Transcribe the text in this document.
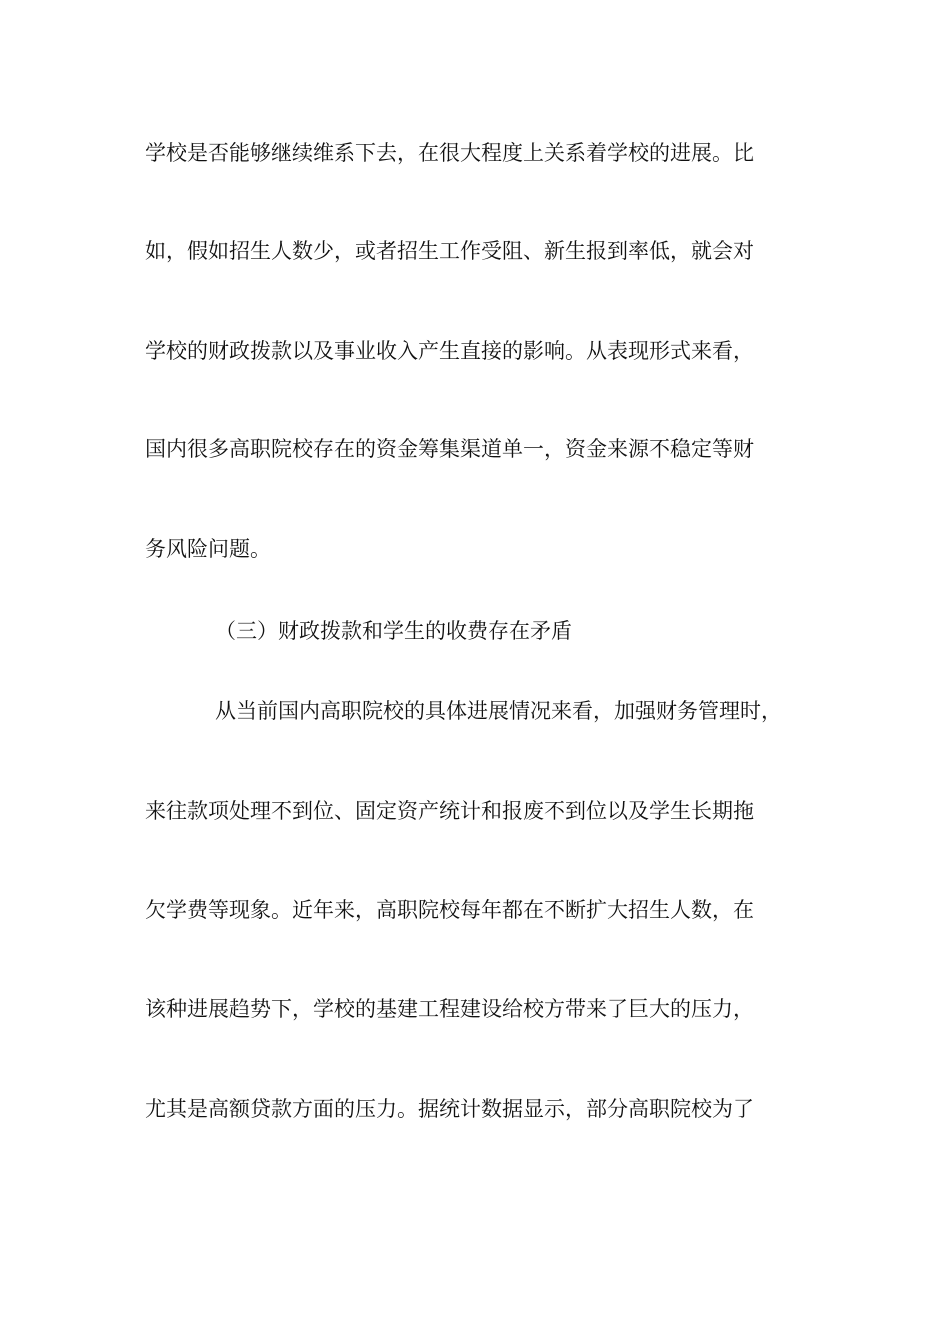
学校是否能够继续维系下去，在很大程度上关系着学校的进展。比
如，假如招生人数少，或者招生工作受阻、新生报到率低，就会对
学校的财政拨款以及事业收入产生直接的影响。从表现形式来看，
国内很多高职院校存在的资金筹集渠道单一，资金来源不稳定等财
务风险问题。
（三）财政拨款和学生的收费存在矛盾
从当前国内高职院校的具体进展情况来看，加强财务管理时，
来往款项处理不到位、固定资产统计和报废不到位以及学生长期拖
欠学费等现象。近年来，高职院校每年都在不断扩大招生人数，在
该种进展趋势下，学校的基建工程建设给校方带来了巨大的压力，
尤其是高额贷款方面的压力。据统计数据显示，部分高职院校为了
